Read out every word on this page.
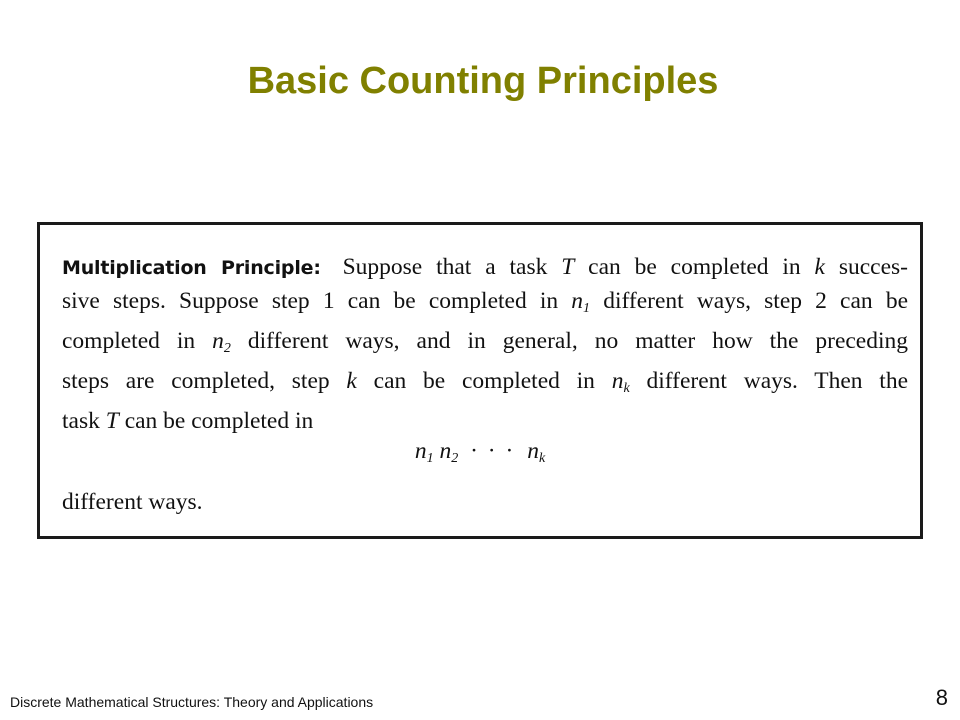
Basic Counting Principles
Multiplication Principle: Suppose that a task T can be completed in k succes-
sive steps. Suppose step 1 can be completed in $n_1$ different ways, step 2 can be
completed in $n_2$ different ways, and in general, no matter how the preceding
steps are completed, step k can be completed in $n_k$ different ways. Then the
task T can be completed in
$n_1$ $n_2$ · · · $n_k$
different ways.
Discrete Mathematical Structures: Theory and Applications	8
